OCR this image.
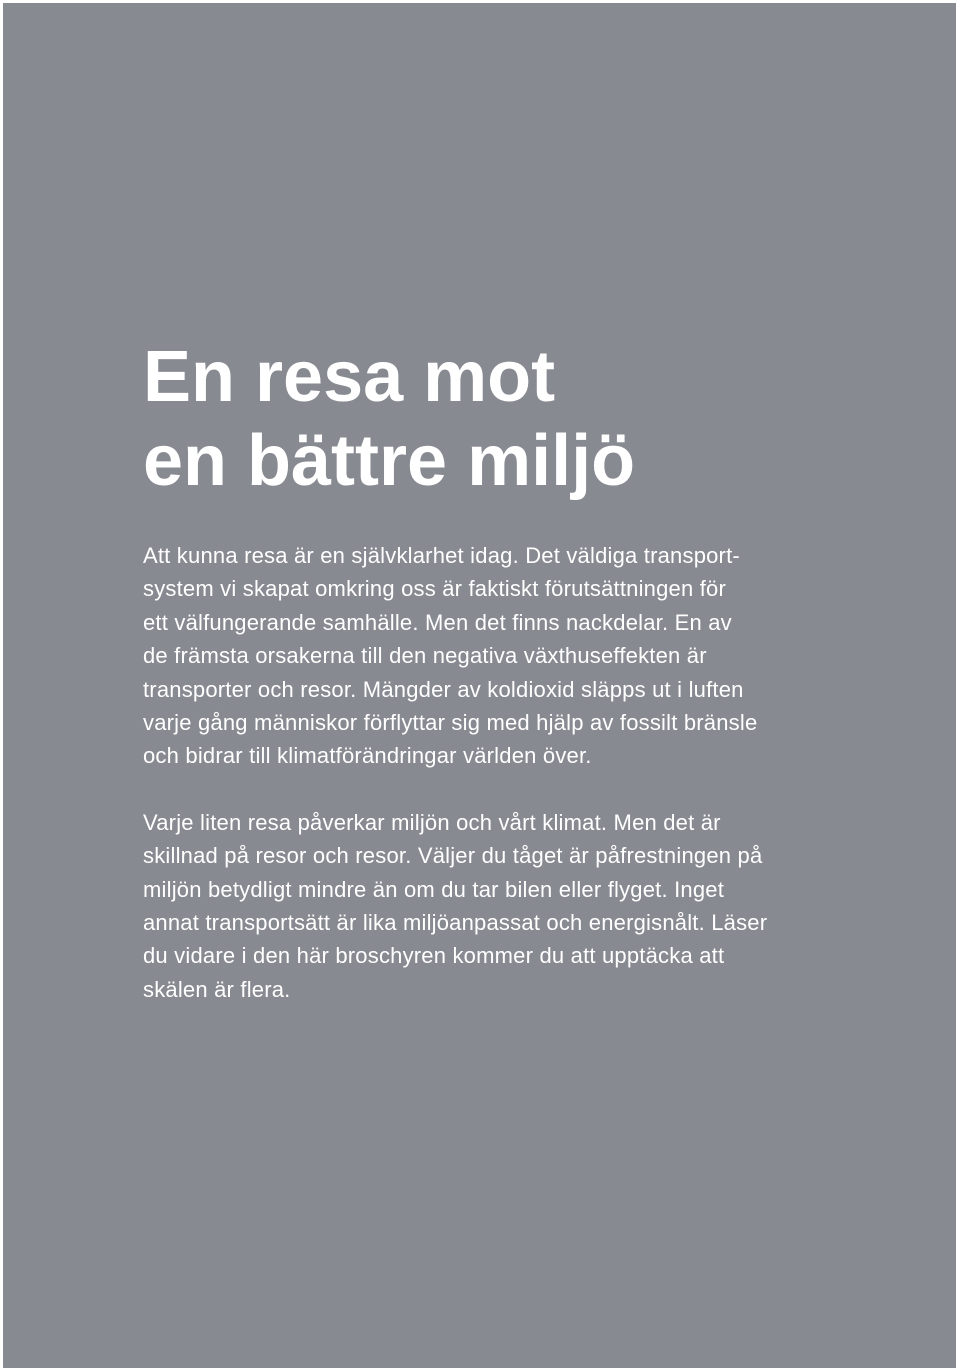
En resa mot
en bättre miljö

Att kunna resa är en självklarhet idag. Det väldiga transport-
system vi skapat omkring oss är faktiskt förutsättningen för
ett välfungerande samhälle. Men det finns nackdelar. En av
de främsta orsakerna till den negativa växthuseffekten är
transporter och resor. Mängder av koldioxid släpps ut i luften
varje gång människor förflyttar sig med hjälp av fossilt bränsle
och bidrar till klimatförändringar världen över.

Varje liten resa påverkar miljön och vårt klimat. Men det är
skillnad på resor och resor. Väljer du tåget är påfrestningen på
miljön betydligt mindre än om du tar bilen eller flyget. Inget
annat transportsätt är lika miljöanpassat och energisnålt. Läser
du vidare i den här broschyren kommer du att upptäcka att
skälen är flera.
